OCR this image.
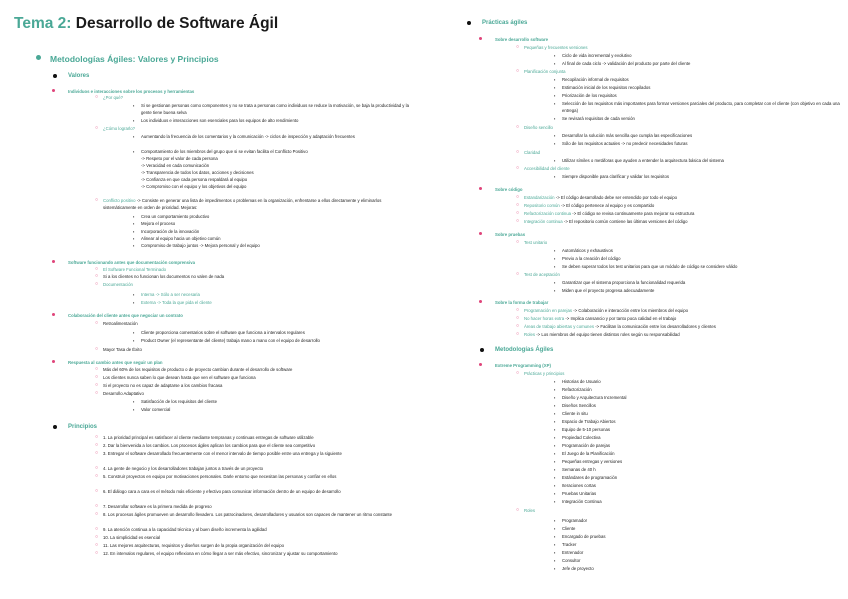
Tema 2: Desarrollo de Software Ágil
Metodologías Ágiles: Valores y Principios
Valores
Individuos e interacciones sobre los procesos y herramientas
○ ¿Por qué?
▪ Si se gestionan personas como componentes y no se trata a personas como individuos se reduce la motivación, se baja la productividad y la gente tiene buena selva
▪ Los individuos e interacciones son esenciales para los equipos de alto rendimiento
○ ¿Cómo lograrlo?
▪ Aumentando la frecuencia de los comentarios y la comunicación -> ciclos de inspección y adaptación frecuentes
▪ Comportamiento de los miembros del grupo que si se evitan facilita el Conflicto Positivo
-> Respeto por el valor de cada persona
-> Veracidad en cada comunicación
-> Transparencia de todos los datos, acciones y decisiones
-> Confianza en que cada persona respaldará al equipo
-> Compromiso con el equipo y los objetivos del equipo
○ Conflicto positivo -> Consiste en generar una lista de impedimentos o problemas en la organización, enfrentarse a ellos directamente y eliminarlos sistemáticamente en orden de prioridad. Mejoras:
▪ Crea un comportamiento productivo
▪ Mejora el proceso
▪ Incorporación de la innovación
▪ Alinear al equipo hacia un objetivo común
▪ Compromiso de trabajo juntos -> Mejora personal y del equipo
Software funcionando antes que documentación comprensiva
○ El Software Funcional Terminado
○ Si a los clientes no funcionan los documentos no valen de nada
○ Documentación
▪ Interna -> Sólo a ser necesaria
▪ Externa -> Toda la que pida el cliente
Colaboración del cliente antes que negociar un contrato
○ Retroalimentación
▪ Cliente proporciona comentarios sobre el software que funciona a intervalos regulares
▪ Product Owner (el representante del cliente) trabaja mano a mano con el equipo de desarrollo
○ Mayor Tasa de Éxito
Respuesta al cambio antes que seguir un plan
○ Más del 60% de los requisitos de producto o de proyecto cambian durante el desarrollo de software
○ Los clientes nunca saben lo que desean hasta que ven el software que funciona
○ Si el proyecto no es capaz de adaptarse a los cambios fracasa
○ Desarrollo Adaptativo
▪ Satisfacción de los requisitos del cliente
▪ Valor comercial
Principios
○ 1. La prioridad principal es satisfacer al cliente mediante tempranas y continuas entregas de software utilizable
○ 2. Dar la bienvenida a los cambios. Los procesos ágiles aplican los cambios para que el cliente sea competitivo
○ 3. Entregar el software desarrollado frecuentemente con el menor intervalo de tiempo posible entre una entrega y la siguiente
○ 4. La gente de negocio y los desarrolladores trabajan juntos a través de un proyecto
○ 5. Construir proyectos en equipo por motivaciones personales. Darle entorno que necesitan las personas y confiar en ellos
○ 6. El diálogo cara a cara es el método más eficiente y efectivo para comunicar información dentro de un equipo de desarrollo
○ 7. Desarrollar software es la primera medida de progreso
○ 8. Los procesos ágiles promueven un desarrollo llevadero. Los patrocinadores, desarrolladores y usuarios son capaces de mantener un ritmo constante
○ 9. La atención continua a la capacidad técnica y al buen diseño incrementa la agilidad
○ 10. La simplicidad es esencial
○ 11. Las mejores arquitecturas, requisitos y diseños surgen de la propia organización del equipo
○ 12. En intervalos regulares, el equipo reflexiona en cómo llegar a ser más efectivo, sincronizar y ajustar su comportamiento
Prácticas ágiles
Sobre desarrollo software
○ Pequeñas y frecuentes versiones
▪ Ciclo de vida incremental y evolutivo
▪ Al final de cada ciclo -> validación del producto por parte del cliente
○ Planificación conjunta
▪ Recopilación informal de requisitos
▪ Estimación inicial de los requisitos recopilados
▪ Priorización de los requisitos
▪ Selección de los requisitos más importantes para formar versiones parciales del producto, para completar con el cliente (con objetivo en cada una entrega)
▪ Se revisará requisitos de cada versión
○ Diseño sencillo
▪ Desarrollar la solución más sencilla que cumpla las especificaciones
▪ Sólo de los requisitos actuales -> no predecir necesidades futuras
○ Claridad
▪ Utilizar símiles o metáforas que ayuden a entender la arquitectura básica del sistema
○ Accesibilidad del cliente
▪ Siempre disponible para clarificar y validar los requisitos
Sobre código
○ Estandarización -> El código desarrollado debe ser entendido por todo el equipo
○ Repositorio común -> El código pertenece al equipo y es compartido
○ Refactorización continua -> El código se revisa continuamente para mejorar su estructura
○ Integración continua -> El repositorio común contiene las últimas versiones del código
Sobre pruebas
○ Test unitario
▪ Automáticos y exhaustivos
▪ Previo a la creación del código
▪ Se deben superar todos los test unitarios para que un módulo de código se considere válido
○ Test de aceptación
▪ Garantizar que el sistema proporciona la funcionalidad requerida
▪ Miden que el proyecto progresa adecuadamente
Sobre la forma de trabajar
○ Programación en parejas -> Colaboración e interacción entre los miembros del equipo
○ No hacer horas extra -> Implica cansancio y por tanto poca calidad en el trabajo
○ Áreas de trabajo abiertas y comunes -> Facilitan la comunicación entre los desarrolladores y clientes
○ Roles -> Los miembros del equipo tienen distintos roles según su responsabilidad
Metodologías Ágiles
Extreme Programming (XP)
○ Prácticas y principios
▪ Historias de Usuario
▪ Refactorización
▪ Diseño y Arquitectura Incremental
▪ Diseños Sencillos
▪ Cliente in situ
▪ Espacio de Trabajo Abiertos
▪ Equipo de 5-10 personas
▪ Propiedad Colectiva
▪ Programación de parejas
▪ El Juego de la Planificación
▪ Pequeñas entregas y versiones
▪ Semanas de 40 h
▪ Estándares de programación
▪ Iteraciones cortas
▪ Pruebas Unitarias
▪ Integración Continua
○ Roles
▪ Programador
▪ Cliente
▪ Encargado de pruebas
▪ Tracker
▪ Entrenador
▪ Consultor
▪ Jefe de proyecto
